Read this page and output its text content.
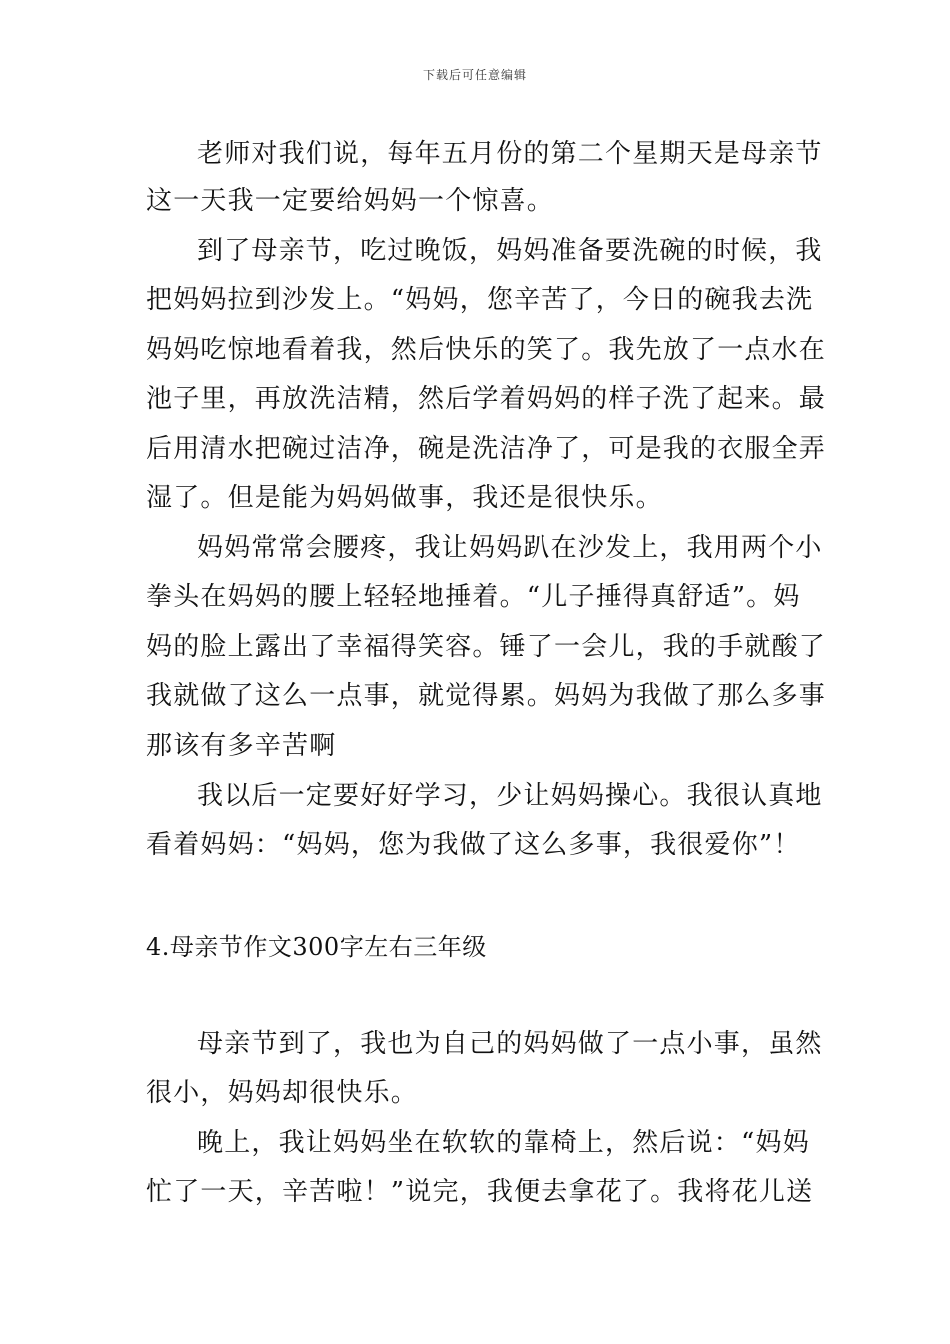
下载后可任意编辑
老师对我们说，每年五月份的第二个星期天是母亲节
这一天我一定要给妈妈一个惊喜。
到了母亲节，吃过晚饭，妈妈准备要洗碗的时候，我
把妈妈拉到沙发上。“妈妈，您辛苦了，今日的碗我去洗
妈妈吃惊地看着我，然后快乐的笑了。我先放了一点水在
池子里，再放洗洁精，然后学着妈妈的样子洗了起来。最
后用清水把碗过洁净，碗是洗洁净了，可是我的衣服全弄
湿了。但是能为妈妈做事，我还是很快乐。
妈妈常常会腰疼，我让妈妈趴在沙发上，我用两个小
拳头在妈妈的腰上轻轻地捶着。“儿子捶得真舒适”。妈
妈的脸上露出了幸福得笑容。锤了一会儿，我的手就酸了
我就做了这么一点事，就觉得累。妈妈为我做了那么多事
那该有多辛苦啊
我以后一定要好好学习，少让妈妈操心。我很认真地
看着妈妈：“妈妈，您为我做了这么多事，我很爱你”！
4.母亲节作文300字左右三年级
母亲节到了，我也为自己的妈妈做了一点小事，虽然
很小，妈妈却很快乐。
晚上，我让妈妈坐在软软的靠椅上，然后说：“妈妈
忙了一天，辛苦啦！”说完，我便去拿花了。我将花儿送
